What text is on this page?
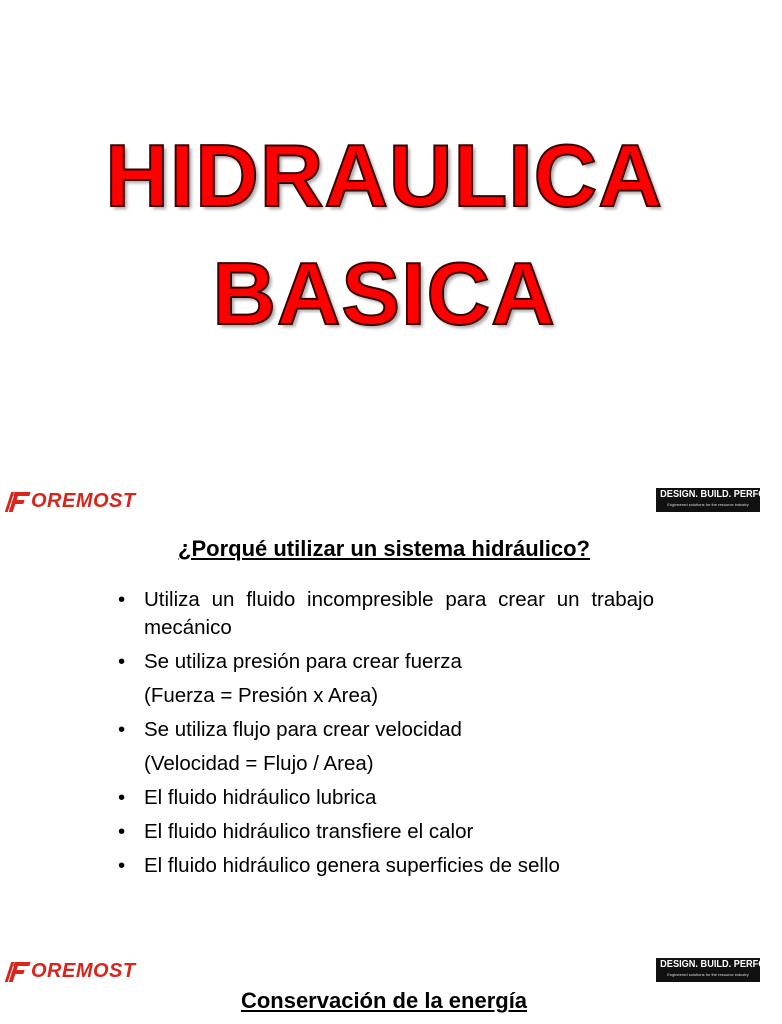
HIDRAULICA
BASICA
OREMOST	DESIGN. BUILD. PERFORM.
Engineered solutions for the resource industry
¿Porqué utilizar un sistema hidráulico?
• Utiliza un fluido incompresible para crear un trabajo mecánico
• Se utiliza presión para crear fuerza
(Fuerza = Presión x Area)
• Se utiliza flujo para crear velocidad
(Velocidad = Flujo / Area)
• El fluido hidráulico lubrica
• El fluido hidráulico transfiere el calor
• El fluido hidráulico genera superficies de sello
OREMOST	DESIGN. BUILD. PERFORM.
Engineered solutions for the resource industry
Conservación de la energía
